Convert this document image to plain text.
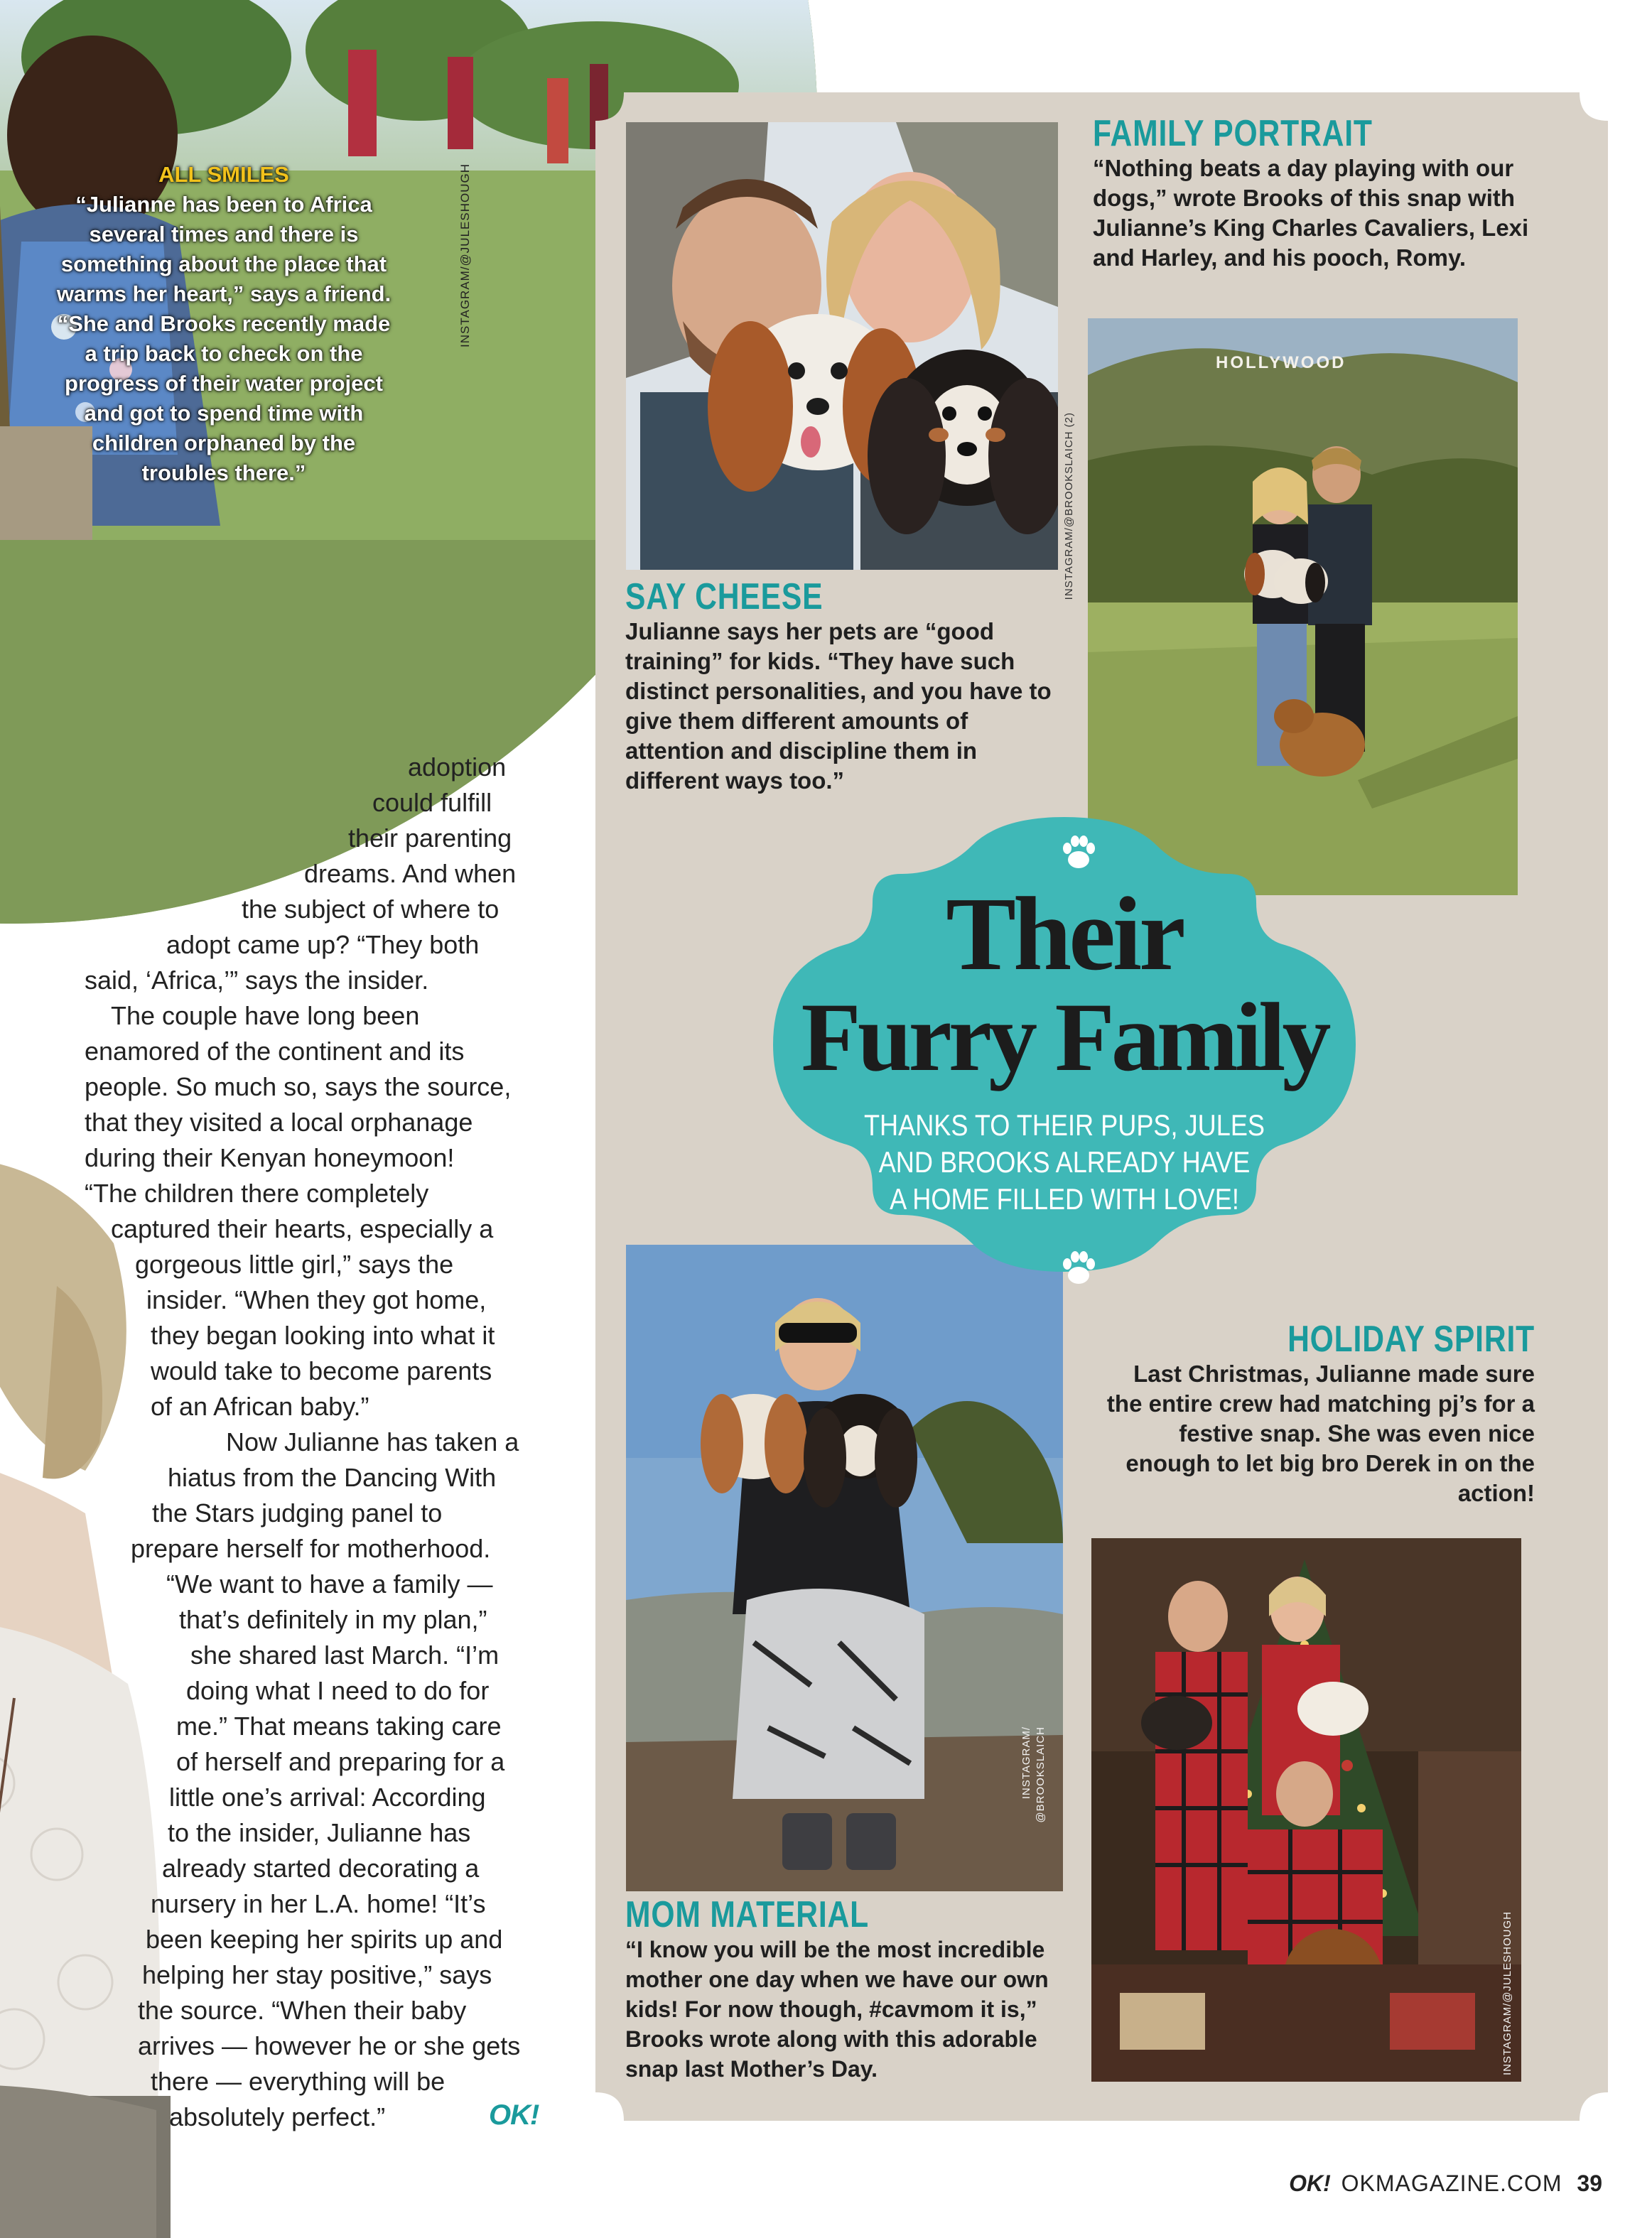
ALL SMILES
“Julianne has been to Africa several times and there is something about the place that warms her heart,” says a friend. “She and Brooks recently made a trip back to check on the progress of their water project and got to spend time with children orphaned by the troubles there.”
INSTAGRAM/@JULESHOUGH
adoption
could fulfill
their parenting
dreams. And when
the subject of where to
adopt came up? “They both
said, ‘Africa,’” says the insider.
The couple have long been
enamored of the continent and its
people. So much so, says the source,
that they visited a local orphanage
during their Kenyan honeymoon!
“The children there completely
captured their hearts, especially a
gorgeous little girl,” says the
insider. “When they got home,
they began looking into what it
would take to become parents
of an African baby.”
Now Julianne has taken a
hiatus from the Dancing With
the Stars judging panel to
prepare herself for motherhood.
“We want to have a family —
that’s definitely in my plan,”
she shared last March. “I’m
doing what I need to do for
me.” That means taking care
of herself and preparing for a
little one’s arrival: According
to the insider, Julianne has
already started decorating a
nursery in her L.A. home! “It’s
been keeping her spirits up and
helping her stay positive,” says
the source. “When their baby
arrives — however he or she gets
there — everything will be
absolutely perfect.”	OK!
HOLLYWOOD
INSTAGRAM/@BROOKSLAICH (2)
FAMILY PORTRAIT
“Nothing beats a day playing with our dogs,” wrote Brooks of this snap with Julianne’s King Charles Cavaliers, Lexi and Harley, and his pooch, Romy.
SAY CHEESE
Julianne says her pets are “good training” for kids. “They have such distinct personalities, and you have to give them different amounts of attention and discipline them in different ways too.”
INSTAGRAM/ @BROOKSLAICH
MOM MATERIAL
“I know you will be the most incredible mother one day when we have our own kids! For now though, #cavmom it is,” Brooks wrote along with this adorable snap last Mother’s Day.
HOLIDAY SPIRIT
Last Christmas, Julianne made sure the entire crew had matching pj’s for a festive snap. She was even nice enough to let big bro Derek in on the action!
INSTAGRAM/@JULESHOUGH
Their
Furry Family
THANKS TO THEIR PUPS, JULES
AND BROOKS ALREADY HAVE
A HOME FILLED WITH LOVE!
OK! OKMAGAZINE.COM 39
